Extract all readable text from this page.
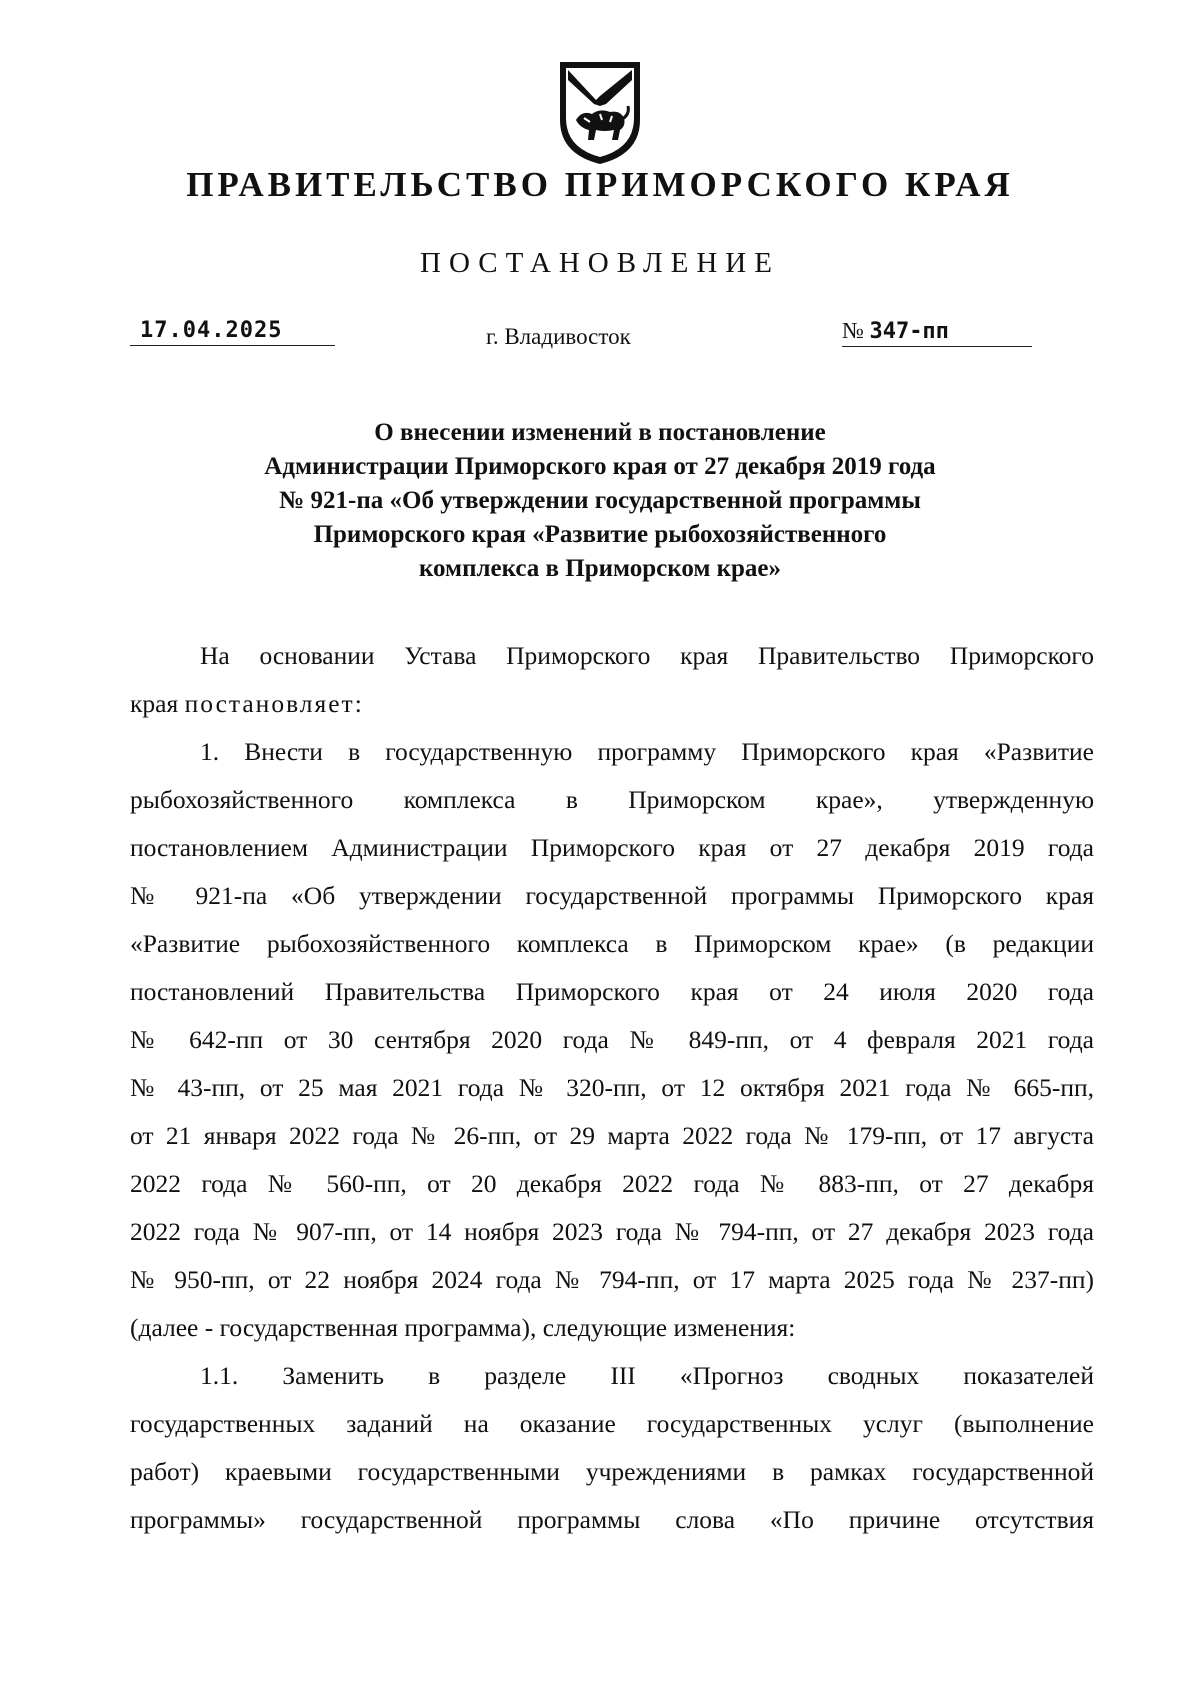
ПРАВИТЕЛЬСТВО ПРИМОРСКОГО КРАЯ
ПОСТАНОВЛЕНИЕ
17.04.2025	г. Владивосток	№ 347-пп
О внесении изменений в постановление
Администрации Приморского края от 27 декабря 2019 года
№ 921-па «Об утверждении государственной программы
Приморского края «Развитие рыбохозяйственного
комплекса в Приморском крае»
На основании Устава Приморского края Правительство Приморского
края постановляет:
1. Внести в государственную программу Приморского края «Развитие
рыбохозяйственного комплекса в Приморском крае», утвержденную
постановлением Администрации Приморского края от 27 декабря 2019 года
№ 921-па «Об утверждении государственной программы Приморского края
«Развитие рыбохозяйственного комплекса в Приморском крае» (в редакции
постановлений Правительства Приморского края от 24 июля 2020 года
№ 642-пп от 30 сентября 2020 года № 849-пп, от 4 февраля 2021 года
№ 43-пп, от 25 мая 2021 года № 320-пп, от 12 октября 2021 года № 665-пп,
от 21 января 2022 года № 26-пп, от 29 марта 2022 года № 179-пп, от 17 августа
2022 года № 560-пп, от 20 декабря 2022 года № 883-пп, от 27 декабря
2022 года № 907-пп, от 14 ноября 2023 года № 794-пп, от 27 декабря 2023 года
№ 950-пп, от 22 ноября 2024 года № 794-пп, от 17 марта 2025 года № 237-пп)
(далее - государственная программа), следующие изменения:
1.1. Заменить в разделе III «Прогноз сводных показателей
государственных заданий на оказание государственных услуг (выполнение
работ) краевыми государственными учреждениями в рамках государственной
программы» государственной программы слова «По причине отсутствия
